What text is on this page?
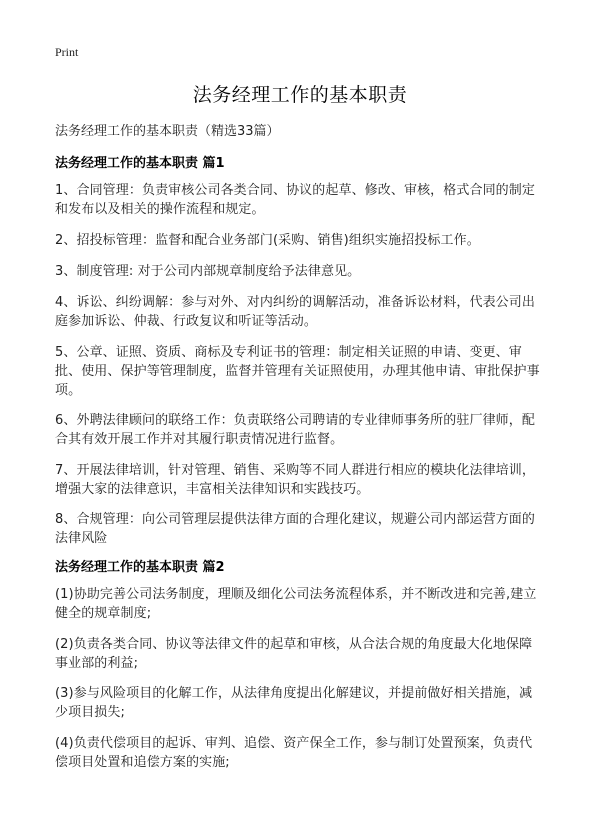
Print
法务经理工作的基本职责
法务经理工作的基本职责（精选33篇）
法务经理工作的基本职责 篇1
1、合同管理：负责审核公司各类合同、协议的起草、修改、审核，格式合同的制定和发布以及相关的操作流程和规定。
2、招投标管理：监督和配合业务部门(采购、销售)组织实施招投标工作。
3、制度管理: 对于公司内部规章制度给予法律意见。
4、诉讼、纠纷调解：参与对外、对内纠纷的调解活动，准备诉讼材料，代表公司出庭参加诉讼、仲裁、行政复议和听证等活动。
5、公章、证照、资质、商标及专利证书的管理：制定相关证照的申请、变更、审批、使用、保护等管理制度，监督并管理有关证照使用，办理其他申请、审批保护事项。
6、外聘法律顾问的联络工作：负责联络公司聘请的专业律师事务所的驻厂律师，配合其有效开展工作并对其履行职责情况进行监督。
7、开展法律培训，针对管理、销售、采购等不同人群进行相应的模块化法律培训，增强大家的法律意识，丰富相关法律知识和实践技巧。
8、合规管理：向公司管理层提供法律方面的合理化建议，规避公司内部运营方面的法律风险
法务经理工作的基本职责 篇2
(1)协助完善公司法务制度，理顺及细化公司法务流程体系，并不断改进和完善,建立健全的规章制度;
(2)负责各类合同、协议等法律文件的起草和审核，从合法合规的角度最大化地保障事业部的利益;
(3)参与风险项目的化解工作，从法律角度提出化解建议，并提前做好相关措施，减少项目损失;
(4)负责代偿项目的起诉、审判、追偿、资产保全工作，参与制订处置预案，负责代偿项目处置和追偿方案的实施;
